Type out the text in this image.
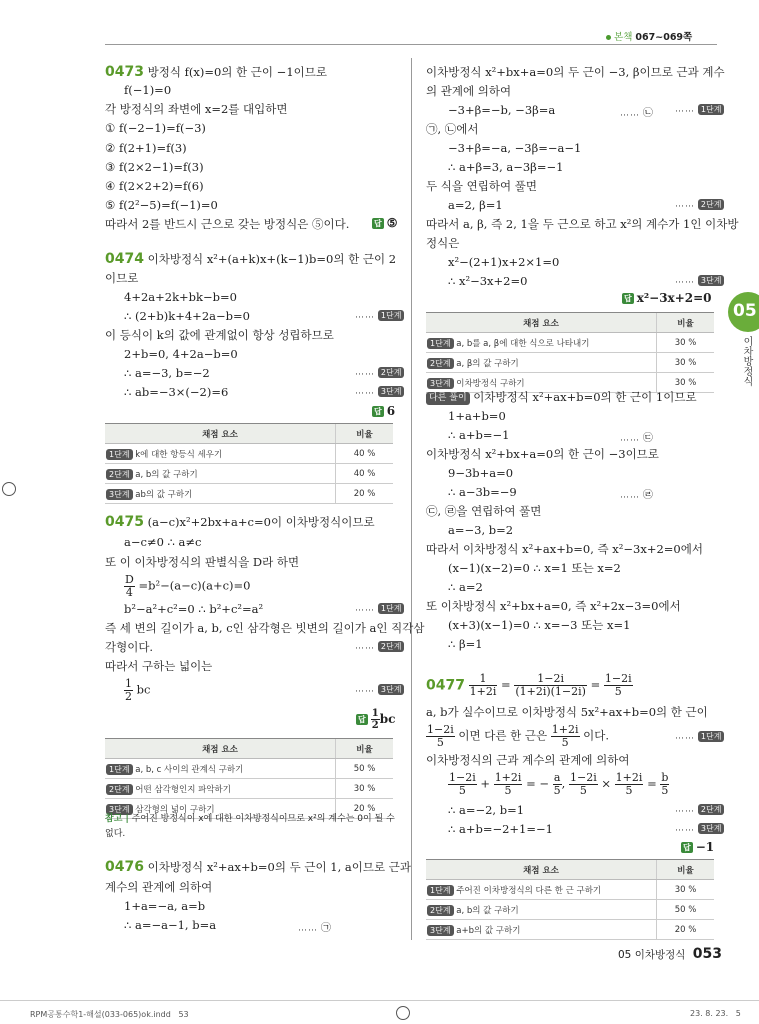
본책 067~069쪽
05
이차방정식
0473 방정식 f(x)=0의 한 근이 −1이므로
f(−1)=0
각 방정식의 좌변에 x=2를 대입하면
① f(−2−1)=f(−3)
② f(2+1)=f(3)
③ f(2×2−1)=f(3)
④ f(2×2+2)=f(6)
⑤ f(2²−5)=f(−1)=0
따라서 2를 반드시 근으로 갖는 방정식은 ⑤이다.	답 ⑤
0474 이차방정식 x²+(a+k)x+(k−1)b=0의 한 근이 2
이므로
4+2a+2k+bk−b=0
∴ (2+b)k+4+2a−b=0	…… 1단계
이 등식이 k의 값에 관계없이 항상 성립하므로
2+b=0, 4+2a−b=0
∴ a=−3, b=−2	…… 2단계
∴ ab=−3×(−2)=6	…… 3단계
답 6
채점 요소	비율
1단계 k에 대한 항등식 세우기	40 %
2단계 a, b의 값 구하기	40 %
3단계 ab의 값 구하기	20 %
0475 (a−c)x²+2bx+a+c=0이 이차방정식이므로
a−c≠0 ∴ a≠c
또 이 이차방정식의 판별식을 D라 하면
$\frac{D}{4} =b^2-(a-c)(a+c)=0$
b²−a²+c²=0 ∴ b²+c²=a²	…… 1단계
즉 세 변의 길이가 a, b, c인 삼각형은 빗변의 길이가 a인 직각삼
각형이다.	…… 2단계
따라서 구하는 넓이는
$\frac{1}{2}$ bc	…… 3단계
답 $\frac{1}{2}$ bc
채점 요소	비율
1단계 a, b, c 사이의 관계식 구하기	50 %
2단계 어떤 삼각형인지 파악하기	30 %
3단계 삼각형의 넓이 구하기	20 %
참고 | 주어진 방정식이 x에 대한 이차방정식이므로 x²의 계수는 0이 될 수
없다.
0476 이차방정식 x²+ax+b=0의 두 근이 1, a이므로 근과
계수의 관계에 의하여
1+a=−a, a=b
∴ a=−a−1, b=a	…… ㉠
이차방정식 x²+bx+a=0의 두 근이 −3, β이므로 근과 계수
의 관계에 의하여
−3+β=−b, −3β=a	…… ㉡ …… 1단계
㉠, ㉡에서
−3+β=−a, −3β=−a−1
∴ a+β=3, a−3β=−1
두 식을 연립하여 풀면
a=2, β=1	…… 2단계
따라서 a, β, 즉 2, 1을 두 근으로 하고 x²의 계수가 1인 이차방
정식은
x²−(2+1)x+2×1=0
∴ x²−3x+2=0	…… 3단계
답 x²−3x+2=0
채점 요소	비율
1단계 a, b를 a, β에 대한 식으로 나타내기	30 %
2단계 a, β의 값 구하기	30 %
3단계 이차방정식 구하기	30 %
다른 풀이 이차방정식 x²+ax+b=0의 한 근이 1이므로
1+a+b=0
∴ a+b=−1	…… ㉢
이차방정식 x²+bx+a=0의 한 근이 −3이므로
9−3b+a=0
∴ a−3b=−9	…… ㉣
㉢, ㉣을 연립하여 풀면
a=−3, b=2
따라서 이차방정식 x²+ax+b=0, 즉 x²−3x+2=0에서
(x−1)(x−2)=0 ∴ x=1 또는 x=2
∴ a=2
또 이차방정식 x²+bx+a=0, 즉 x²+2x−3=0에서
(x+3)(x−1)=0 ∴ x=−3 또는 x=1
∴ β=1
$0477 \frac{1}{1+2i} = \frac{1-2i}{(1+2i)(1-2i)} = \frac{1-2i}{5}$
a, b가 실수이므로 이차방정식 5x²+ax+b=0의 한 근이
$\frac{1-2i}{5}$ 이면 다른 한 근은 $\frac{1+2i}{5}$ 이다.	…… 1단계
이차방정식의 근과 계수의 관계에 의하여
$\frac{1-2i}{5} + \frac{1+2i}{5}$ = − $\frac{a}{5}$ , $\frac{1-2i}{5} \times \frac{1+2i}{5} = \frac{b}{5}$
∴ a=−2, b=1	…… 2단계
∴ a+b=−2+1=−1	…… 3단계
답 −1
채점 요소	비율
1단계 주어진 이차방정식의 다른 한 근 구하기	30 %
2단계 a, b의 값 구하기	50 %
3단계 a+b의 값 구하기	20 %
05 이차방정식 053
RPM공통수학1-해설(033-065)ok.indd   53	23. 8. 23.   5
